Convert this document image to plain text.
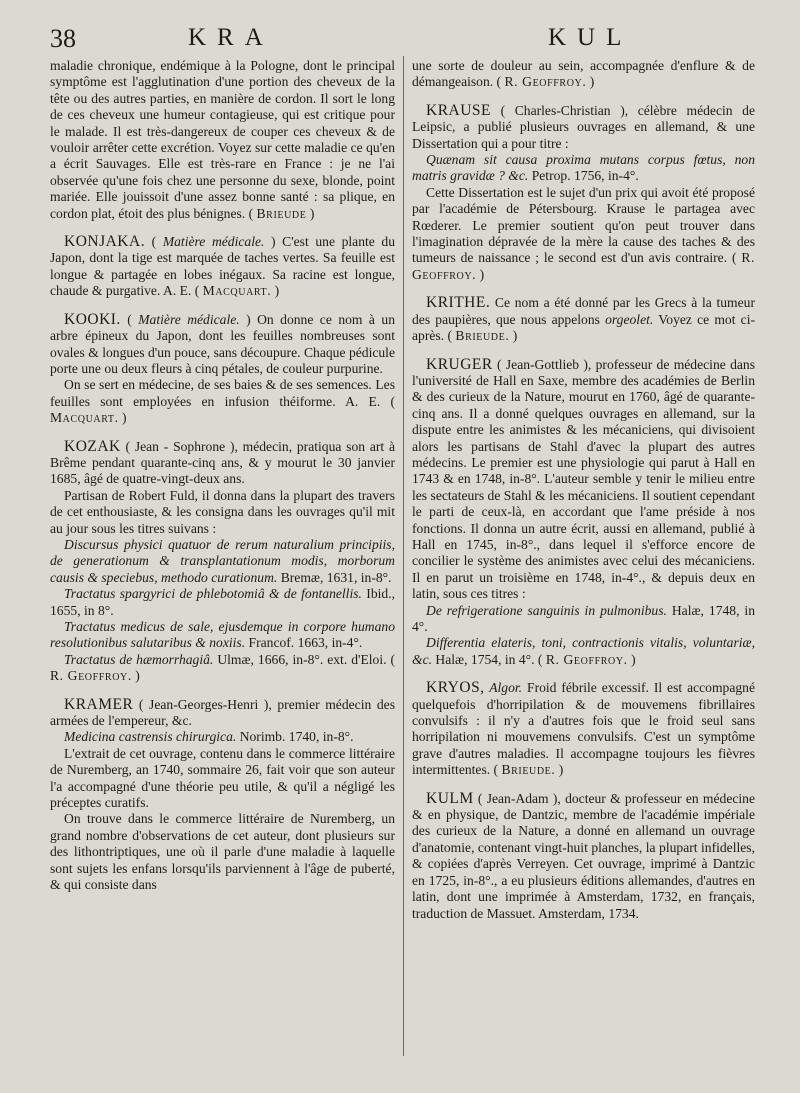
38	KRA	KUL

maladie chronique, endémique à la Pologne, dont le principal symptôme est l'agglutination d'une portion des cheveux de la tête ou des autres parties, en manière de cordon. Il sort le long de ces cheveux une humeur contagieuse, qui est critique pour le malade. Il est très-dangereux de couper ces cheveux & de vouloir arrêter cette excrétion. Voyez sur cette maladie ce qu'en a écrit Sauvages. Elle est très-rare en France : je ne l'ai observée qu'une fois chez une personne du sexe, blonde, point mariée. Elle jouissoit d'une assez bonne santé : sa plique, en cordon plat, étoit des plus bénignes. ( Brieude )

KONJAKA. ( Matière médicale. ) C'est une plante du Japon, dont la tige est marquée de taches vertes. Sa feuille est longue & partagée en lobes inégaux. Sa racine est longue, chaude & purgative. A. E. ( Macquart. )

KOOKI. ( Matière médicale. ) On donne ce nom à un arbre épineux du Japon, dont les feuilles nombreuses sont ovales & longues d'un pouce, sans découpure. Chaque pédicule porte une ou deux fleurs à cinq pétales, de couleur purpurine.

On se sert en médecine, de ses baies & de ses semences. Les feuilles sont employées en infusion théiforme. A. E. ( Macquart. )

KOZAK ( Jean - Sophrone ), médecin, pratiqua son art à Brême pendant quarante-cinq ans, & y mourut le 30 janvier 1685, âgé de quatre-vingt-deux ans.

Partisan de Robert Fuld, il donna dans la plupart des travers de cet enthousiaste, & les consigna dans les ouvrages qu'il mit au jour sous les titres suivans :

Discursus physici quatuor de rerum naturalium principiis, de generationum & transplantationum modis, morborum causis & speciebus, methodo curationum. Bremæ, 1631, in-8°.

Tractatus spargyrici de phlebotomiâ & de fontanellis. Ibid., 1655, in 8°.

Tractatus medicus de sale, ejusdemque in corpore humano resolutionibus salutaribus & noxiis. Francof. 1663, in-4°.

Tractatus de hæmorrhagiâ. Ulmæ, 1666, in-8°. ext. d'Eloi. ( R. Geoffroy. )

KRAMER ( Jean-Georges-Henri ), premier médecin des armées de l'empereur, &c.

Medicina castrensis chirurgica. Norimb. 1740, in-8°.

L'extrait de cet ouvrage, contenu dans le commerce littéraire de Nuremberg, an 1740, sommaire 26, fait voir que son auteur l'a accompagné d'une théorie peu utile, & qu'il a négligé les préceptes curatifs.

On trouve dans le commerce littéraire de Nuremberg, un grand nombre d'observations de cet auteur, dont plusieurs sur des lithontriptiques, une où il parle d'une maladie à laquelle sont sujets les enfans lorsqu'ils parviennent à l'âge de puberté, & qui consiste dans

une sorte de douleur au sein, accompagnée d'enflure & de démangeaison. ( R. Geoffroy. )

KRAUSE ( Charles-Christian ), célèbre médecin de Leipsic, a publié plusieurs ouvrages en allemand, & une Dissertation qui a pour titre :

Quænam sit causa proxima mutans corpus fœtus, non matris gravidæ ? &c. Petrop. 1756, in-4°.

Cette Dissertation est le sujet d'un prix qui avoit été proposé par l'académie de Pétersbourg. Krause le partagea avec Rœderer. Le premier soutient qu'on peut trouver dans l'imagination dépravée de la mère la cause des taches & des tumeurs de naissance ; le second est d'un avis contraire. ( R. Geoffroy. )

KRITHE. Ce nom a été donné par les Grecs à la tumeur des paupières, que nous appelons orgeolet. Voyez ce mot ci-après. ( Brieude. )

KRUGER ( Jean-Gottlieb ), professeur de médecine dans l'université de Hall en Saxe, membre des académies de Berlin & des curieux de la Nature, mourut en 1760, âgé de quarante-cinq ans. Il a donné quelques ouvrages en allemand, sur la dispute entre les animistes & les mécaniciens, qui divisoient alors les partisans de Stahl d'avec la plupart des autres médecins. Le premier est une physiologie qui parut à Hall en 1743 & en 1748, in-8°. L'auteur semble y tenir le milieu entre les sectateurs de Stahl & les mécaniciens. Il soutient cependant le parti de ceux-là, en accordant que l'ame préside à nos fonctions. Il donna un autre écrit, aussi en allemand, publié à Hall en 1745, in-8°., dans lequel il s'efforce encore de concilier le système des animistes avec celui des mécaniciens. Il en parut un troisième en 1748, in-4°., & depuis deux en latin, sous ces titres :

De refrigeratione sanguinis in pulmonibus. Halæ, 1748, in 4°.

Differentia elateris, toni, contractionis vitalis, voluntariæ, &c. Halæ, 1754, in 4°. ( R. Geoffroy. )

KRYOS, Algor. Froid fébrile excessif. Il est accompagné quelquefois d'horripilation & de mouvemens fibrillaires convulsifs : il n'y a d'autres fois que le froid seul sans horripilation ni mouvemens convulsifs. C'est un symptôme grave d'autres maladies. Il accompagne toujours les fièvres intermittentes. ( Brieude. )

KULM ( Jean-Adam ), docteur & professeur en médecine & en physique, de Dantzic, membre de l'académie impériale des curieux de la Nature, a donné en allemand un ouvrage d'anatomie, contenant vingt-huit planches, la plupart infidelles, & copiées d'après Verreyen. Cet ouvrage, imprimé à Dantzic en 1725, in-8°., a eu plusieurs éditions allemandes, d'autres en latin, dont une imprimée à Amsterdam, 1732, en français, traduction de Massuet. Amsterdam, 1734.
